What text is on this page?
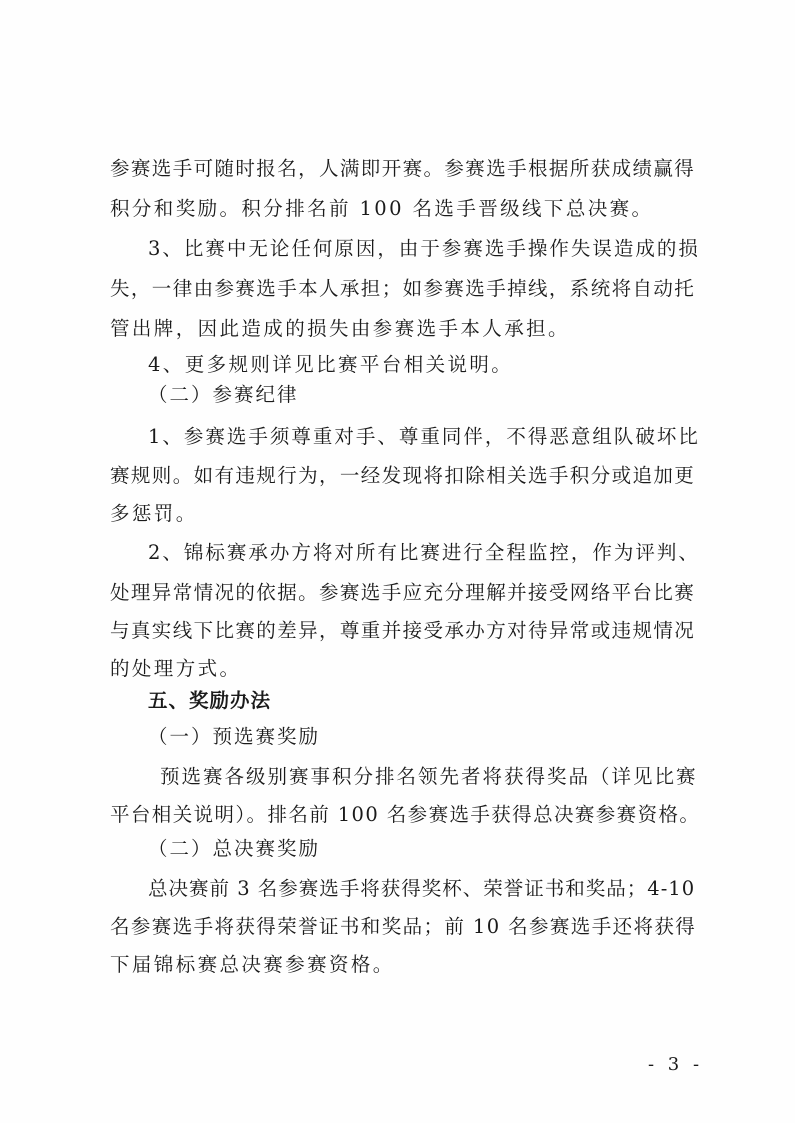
参赛选手可随时报名，人满即开赛。参赛选手根据所获成绩赢得
积分和奖励。积分排名前 100 名选手晋级线下总决赛。
3、比赛中无论任何原因，由于参赛选手操作失误造成的损
失，一律由参赛选手本人承担；如参赛选手掉线，系统将自动托
管出牌，因此造成的损失由参赛选手本人承担。
4、更多规则详见比赛平台相关说明。
（二）参赛纪律
1、参赛选手须尊重对手、尊重同伴，不得恶意组队破坏比
赛规则。如有违规行为，一经发现将扣除相关选手积分或追加更
多惩罚。
2、锦标赛承办方将对所有比赛进行全程监控，作为评判、
处理异常情况的依据。参赛选手应充分理解并接受网络平台比赛
与真实线下比赛的差异，尊重并接受承办方对待异常或违规情况
的处理方式。
五、奖励办法
（一）预选赛奖励
预选赛各级别赛事积分排名领先者将获得奖品（详见比赛
平台相关说明）。排名前 100 名参赛选手获得总决赛参赛资格。
（二）总决赛奖励
总决赛前 3 名参赛选手将获得奖杯、荣誉证书和奖品；4-10
名参赛选手将获得荣誉证书和奖品；前 10 名参赛选手还将获得
下届锦标赛总决赛参赛资格。
- 3 -
